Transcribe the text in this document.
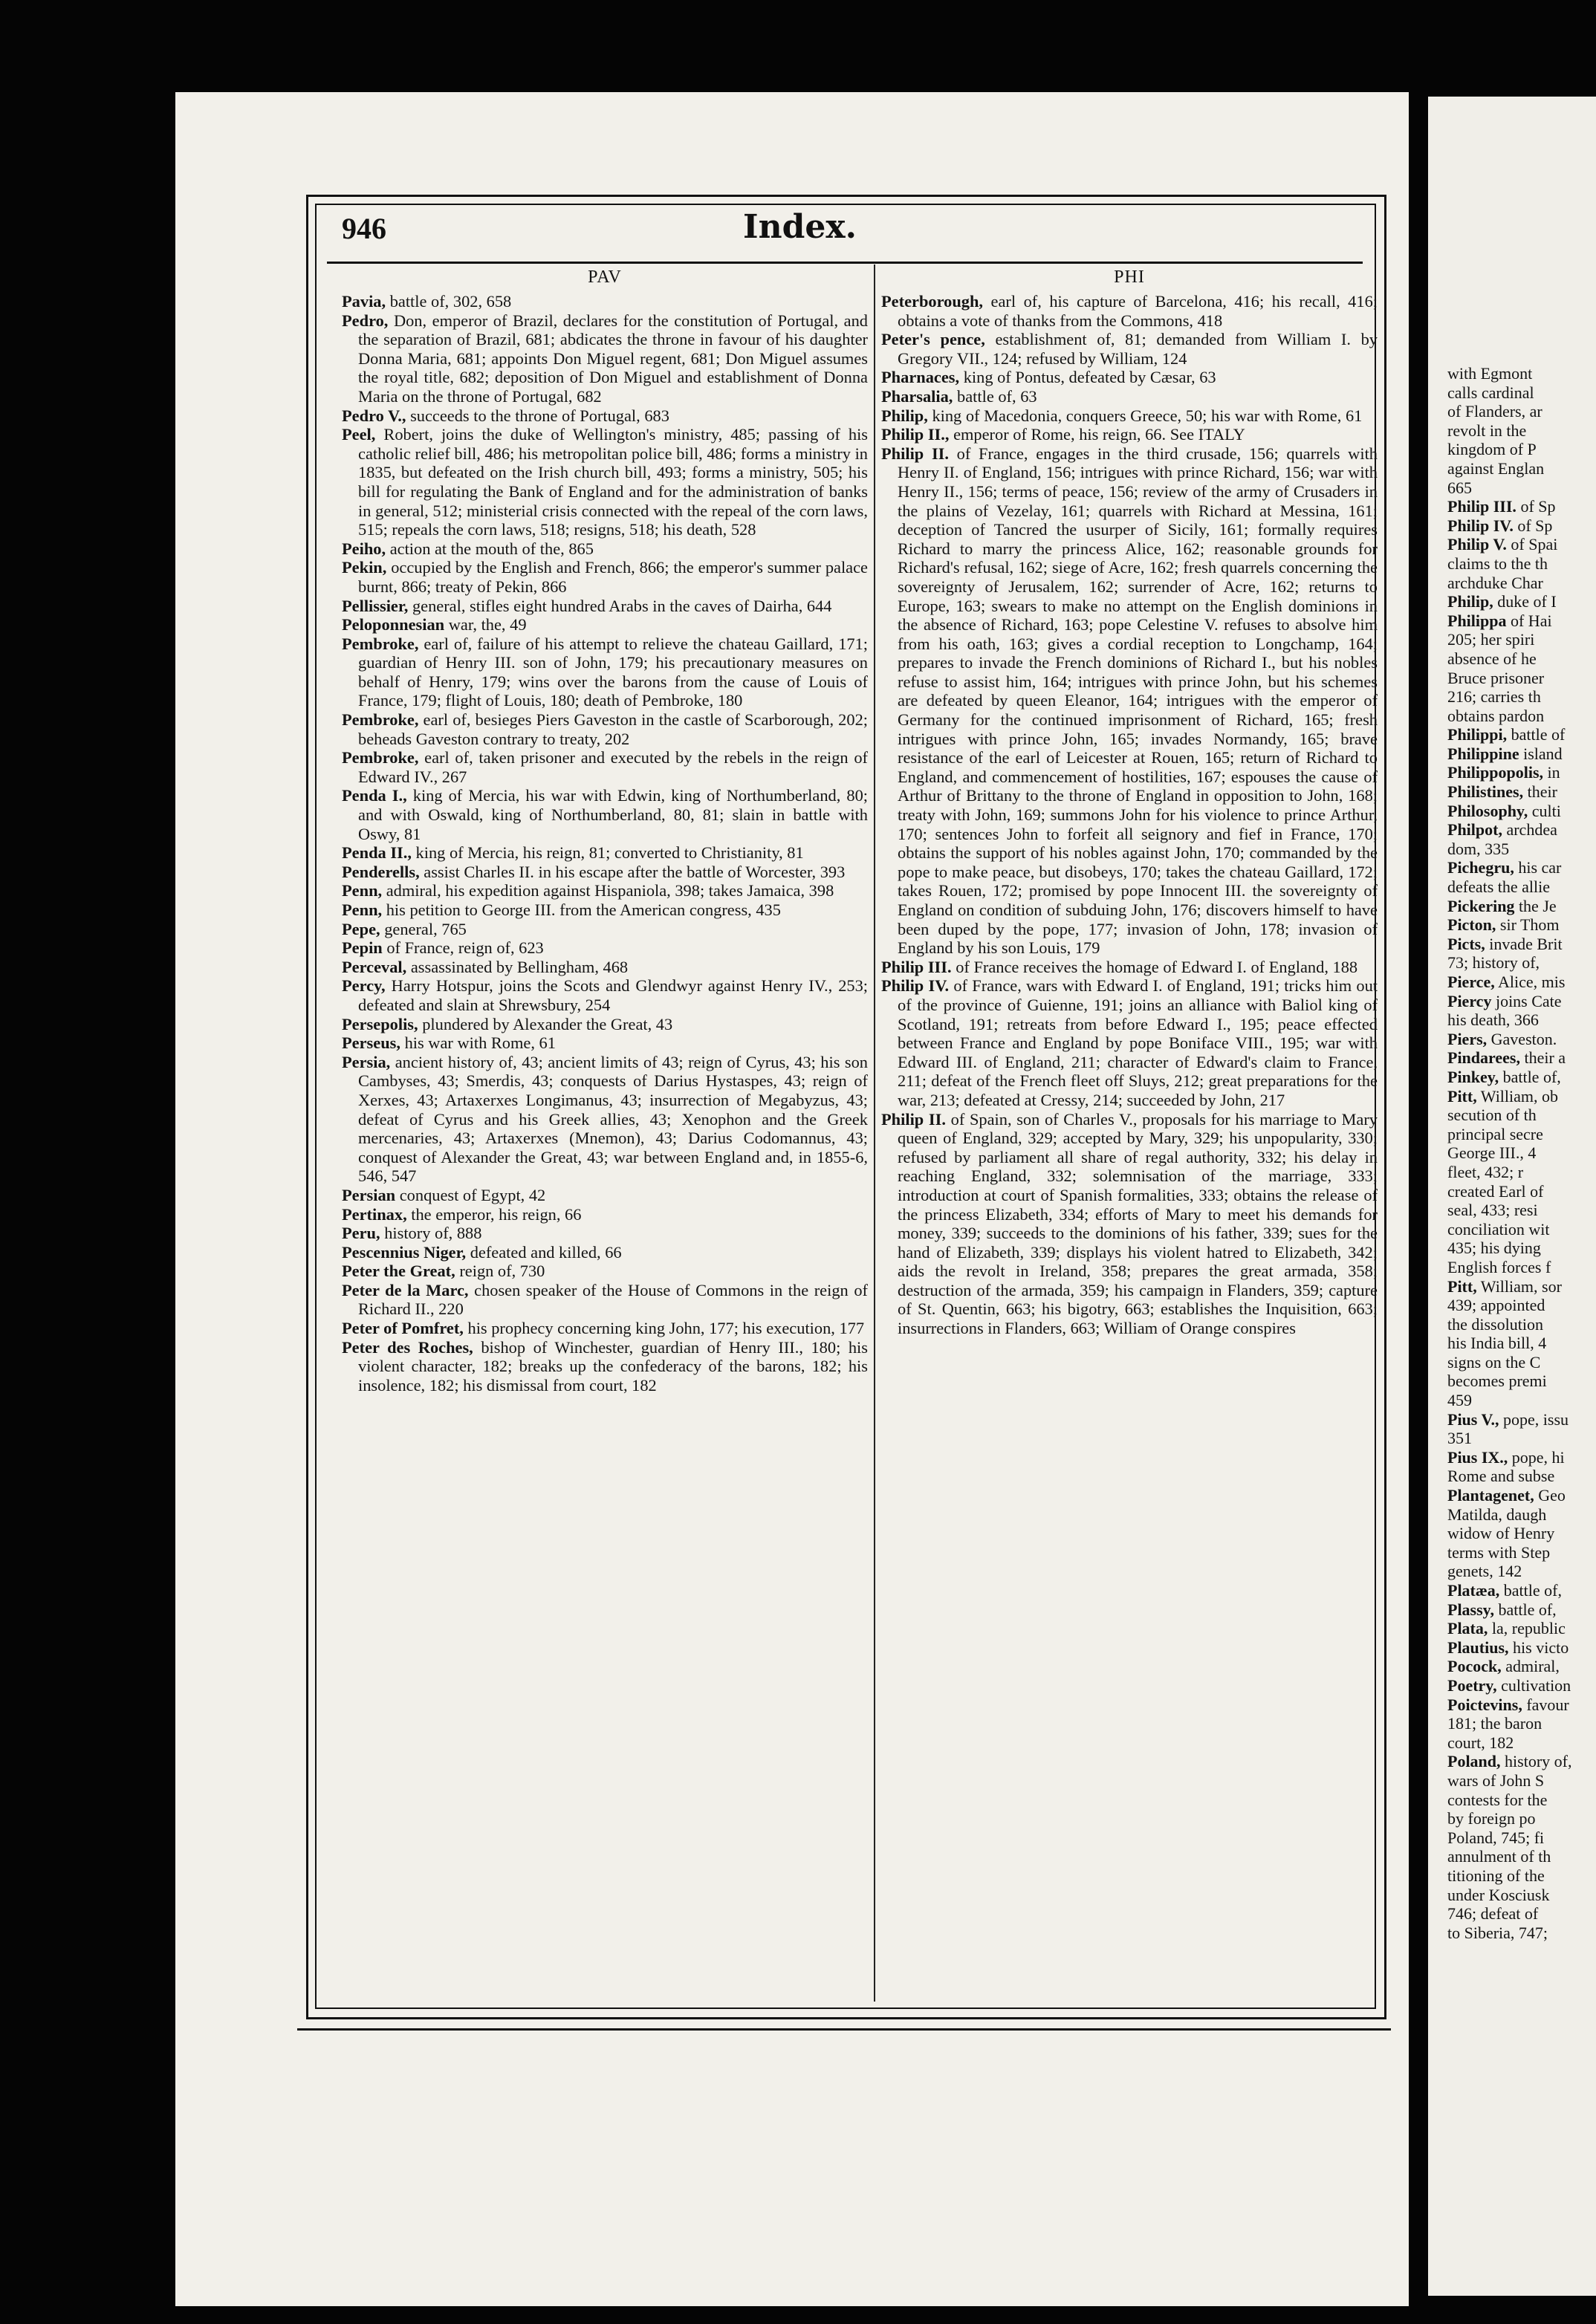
with Egmont

calls cardinal

of Flanders, ar

revolt in the

kingdom of P

against Englan

665

Philip III. of Sp

Philip IV. of Sp

Philip V. of Spai

claims to the th

archduke Char

Philip, duke of I

Philippa of Hai

205; her spiri

absence of he

Bruce prisoner

216; carries th

obtains pardon

Philippi, battle of

Philippine island

Philippopolis, in

Philistines, their

Philosophy, culti

Philpot, archdea

dom, 335

Pichegru, his car

defeats the allie

Pickering the Je

Picton, sir Thom

Picts, invade Brit

73; history of,

Pierce, Alice, mis

Piercy joins Cate

his death, 366

Piers, Gaveston.

Pindarees, their a

Pinkey, battle of,

Pitt, William, ob

secution of th

principal secre

George III., 4

fleet, 432; r

created Earl of

seal, 433; resi

conciliation wit

435; his dying

English forces f

Pitt, William, sor

439; appointed

the dissolution

his India bill, 4

signs on the C

becomes premi

459

Pius V., pope, issu

351

Pius IX., pope, hi

Rome and subse

Plantagenet, Geo

Matilda, daugh

widow of Henry

terms with Step

genets, 142

Platæa, battle of,

Plassy, battle of,

Plata, la, republic

Plautius, his victo

Pocock, admiral,

Poetry, cultivation

Poictevins, favour

181; the baron

court, 182

Poland, history of,

wars of John S

contests for the

by foreign po

Poland, 745; fi

annulment of th

titioning of the

under Kosciusk

746; defeat of

to Siberia, 747;

946	Index.
PAV

Pavia, battle of, 302, 658

Pedro, Don, emperor of Brazil, declares for the constitution of Portugal, and the separation of Brazil, 681; abdicates the throne in favour of his daughter Donna Maria, 681; appoints Don Miguel regent, 681; Don Miguel assumes the royal title, 682; deposition of Don Miguel and establishment of Donna Maria on the throne of Portugal, 682

Pedro V., succeeds to the throne of Portugal, 683

Peel, Robert, joins the duke of Wellington's ministry, 485; passing of his catholic relief bill, 486; his metropolitan police bill, 486; forms a ministry in 1835, but defeated on the Irish church bill, 493; forms a ministry, 505; his bill for regulating the Bank of England and for the administration of banks in general, 512; ministerial crisis connected with the repeal of the corn laws, 515; repeals the corn laws, 518; resigns, 518; his death, 528

Peiho, action at the mouth of the, 865

Pekin, occupied by the English and French, 866; the emperor's summer palace burnt, 866; treaty of Pekin, 866

Pellissier, general, stifles eight hundred Arabs in the caves of Dairha, 644

Peloponnesian war, the, 49

Pembroke, earl of, failure of his attempt to relieve the chateau Gaillard, 171; guardian of Henry III. son of John, 179; his precautionary measures on behalf of Henry, 179; wins over the barons from the cause of Louis of France, 179; flight of Louis, 180; death of Pembroke, 180

Pembroke, earl of, besieges Piers Gaveston in the castle of Scarborough, 202; beheads Gaveston contrary to treaty, 202

Pembroke, earl of, taken prisoner and executed by the rebels in the reign of Edward IV., 267

Penda I., king of Mercia, his war with Edwin, king of Northumberland, 80; and with Oswald, king of Northumberland, 80, 81; slain in battle with Oswy, 81

Penda II., king of Mercia, his reign, 81; converted to Christianity, 81

Penderells, assist Charles II. in his escape after the battle of Worcester, 393

Penn, admiral, his expedition against Hispaniola, 398; takes Jamaica, 398

Penn, his petition to George III. from the American congress, 435

Pepe, general, 765

Pepin of France, reign of, 623

Perceval, assassinated by Bellingham, 468

Percy, Harry Hotspur, joins the Scots and Glendwyr against Henry IV., 253; defeated and slain at Shrewsbury, 254

Persepolis, plundered by Alexander the Great, 43

Perseus, his war with Rome, 61

Persia, ancient history of, 43; ancient limits of 43; reign of Cyrus, 43; his son Cambyses, 43; Smerdis, 43; conquests of Darius Hystaspes, 43; reign of Xerxes, 43; Artaxerxes Longimanus, 43; insurrection of Megabyzus, 43; defeat of Cyrus and his Greek allies, 43; Xenophon and the Greek mercenaries, 43; Artaxerxes (Mnemon), 43; Darius Codomannus, 43; conquest of Alexander the Great, 43; war between England and, in 1855-6, 546, 547

Persian conquest of Egypt, 42

Pertinax, the emperor, his reign, 66

Peru, history of, 888

Pescennius Niger, defeated and killed, 66

Peter the Great, reign of, 730

Peter de la Marc, chosen speaker of the House of Commons in the reign of Richard II., 220

Peter of Pomfret, his prophecy concerning king John, 177; his execution, 177

Peter des Roches, bishop of Winchester, guardian of Henry III., 180; his violent character, 182; breaks up the confederacy of the barons, 182; his insolence, 182; his dismissal from court, 182

PHI

Peterborough, earl of, his capture of Barcelona, 416; his recall, 416; obtains a vote of thanks from the Commons, 418

Peter's pence, establishment of, 81; demanded from William I. by Gregory VII., 124; refused by William, 124

Pharnaces, king of Pontus, defeated by Cæsar, 63

Pharsalia, battle of, 63

Philip, king of Macedonia, conquers Greece, 50; his war with Rome, 61

Philip II., emperor of Rome, his reign, 66. See ITALY

Philip II. of France, engages in the third crusade, 156; quarrels with Henry II. of England, 156; intrigues with prince Richard, 156; war with Henry II., 156; terms of peace, 156; review of the army of Crusaders in the plains of Vezelay, 161; quarrels with Richard at Messina, 161; deception of Tancred the usurper of Sicily, 161; formally requires Richard to marry the princess Alice, 162; reasonable grounds for Richard's refusal, 162; siege of Acre, 162; fresh quarrels concerning the sovereignty of Jerusalem, 162; surrender of Acre, 162; returns to Europe, 163; swears to make no attempt on the English dominions in the absence of Richard, 163; pope Celestine V. refuses to absolve him from his oath, 163; gives a cordial reception to Longchamp, 164; prepares to invade the French dominions of Richard I., but his nobles refuse to assist him, 164; intrigues with prince John, but his schemes are defeated by queen Eleanor, 164; intrigues with the emperor of Germany for the continued imprisonment of Richard, 165; fresh intrigues with prince John, 165; invades Normandy, 165; brave resistance of the earl of Leicester at Rouen, 165; return of Richard to England, and commencement of hostilities, 167; espouses the cause of Arthur of Brittany to the throne of England in opposition to John, 168; treaty with John, 169; summons John for his violence to prince Arthur, 170; sentences John to forfeit all seignory and fief in France, 170; obtains the support of his nobles against John, 170; commanded by the pope to make peace, but disobeys, 170; takes the chateau Gaillard, 172; takes Rouen, 172; promised by pope Innocent III. the sovereignty of England on condition of subduing John, 176; discovers himself to have been duped by the pope, 177; invasion of John, 178; invasion of England by his son Louis, 179

Philip III. of France receives the homage of Edward I. of England, 188

Philip IV. of France, wars with Edward I. of England, 191; tricks him out of the province of Guienne, 191; joins an alliance with Baliol king of Scotland, 191; retreats from before Edward I., 195; peace effected between France and England by pope Boniface VIII., 195; war with Edward III. of England, 211; character of Edward's claim to France, 211; defeat of the French fleet off Sluys, 212; great preparations for the war, 213; defeated at Cressy, 214; succeeded by John, 217

Philip II. of Spain, son of Charles V., proposals for his marriage to Mary queen of England, 329; accepted by Mary, 329; his unpopularity, 330; refused by parliament all share of regal authority, 332; his delay in reaching England, 332; solemnisation of the marriage, 333; introduction at court of Spanish formalities, 333; obtains the release of the princess Elizabeth, 334; efforts of Mary to meet his demands for money, 339; succeeds to the dominions of his father, 339; sues for the hand of Elizabeth, 339; displays his violent hatred to Elizabeth, 342; aids the revolt in Ireland, 358; prepares the great armada, 358; destruction of the armada, 359; his campaign in Flanders, 359; capture of St. Quentin, 663; his bigotry, 663; establishes the Inquisition, 663; insurrections in Flanders, 663; William of Orange conspires
